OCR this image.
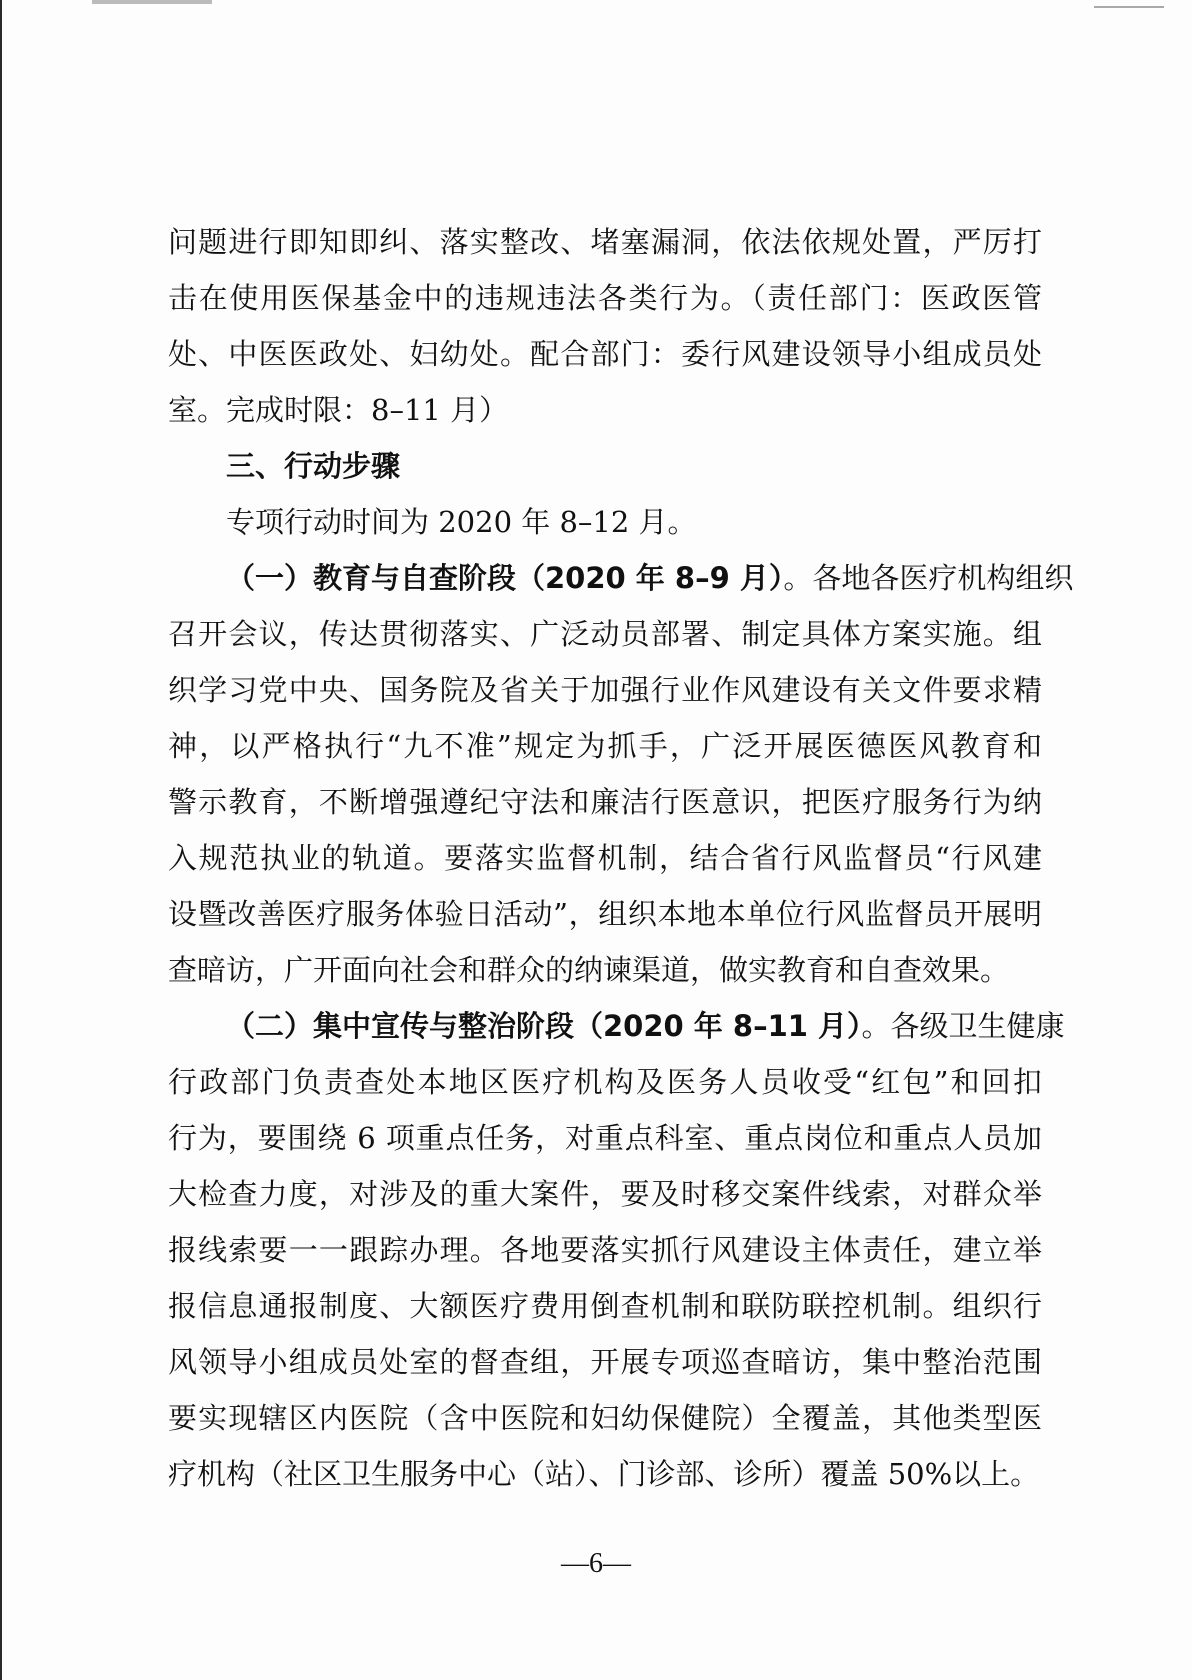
问题进行即知即纠、落实整改、堵塞漏洞，依法依规处置，严厉打
击在使用医保基金中的违规违法各类行为。（责任部门：医政医管
处、中医医政处、妇幼处。配合部门：委行风建设领导小组成员处
室。完成时限：8–11 月）
三、行动步骤
专项行动时间为 2020 年 8–12 月。
（一）教育与自查阶段（2020 年 8–9 月）。各地各医疗机构组织
召开会议，传达贯彻落实、广泛动员部署、制定具体方案实施。组
织学习党中央、国务院及省关于加强行业作风建设有关文件要求精
神，以严格执行“九不准”规定为抓手，广泛开展医德医风教育和
警示教育，不断增强遵纪守法和廉洁行医意识，把医疗服务行为纳
入规范执业的轨道。要落实监督机制，结合省行风监督员“行风建
设暨改善医疗服务体验日活动”，组织本地本单位行风监督员开展明
查暗访，广开面向社会和群众的纳谏渠道，做实教育和自查效果。
（二）集中宣传与整治阶段（2020 年 8–11 月）。各级卫生健康
行政部门负责查处本地区医疗机构及医务人员收受“红包”和回扣
行为，要围绕 6 项重点任务，对重点科室、重点岗位和重点人员加
大检查力度，对涉及的重大案件，要及时移交案件线索，对群众举
报线索要一一跟踪办理。各地要落实抓行风建设主体责任，建立举
报信息通报制度、大额医疗费用倒查机制和联防联控机制。组织行
风领导小组成员处室的督查组，开展专项巡查暗访，集中整治范围
要实现辖区内医院（含中医院和妇幼保健院）全覆盖，其他类型医
疗机构（社区卫生服务中心（站）、门诊部、诊所）覆盖 50%以上。
—6—
